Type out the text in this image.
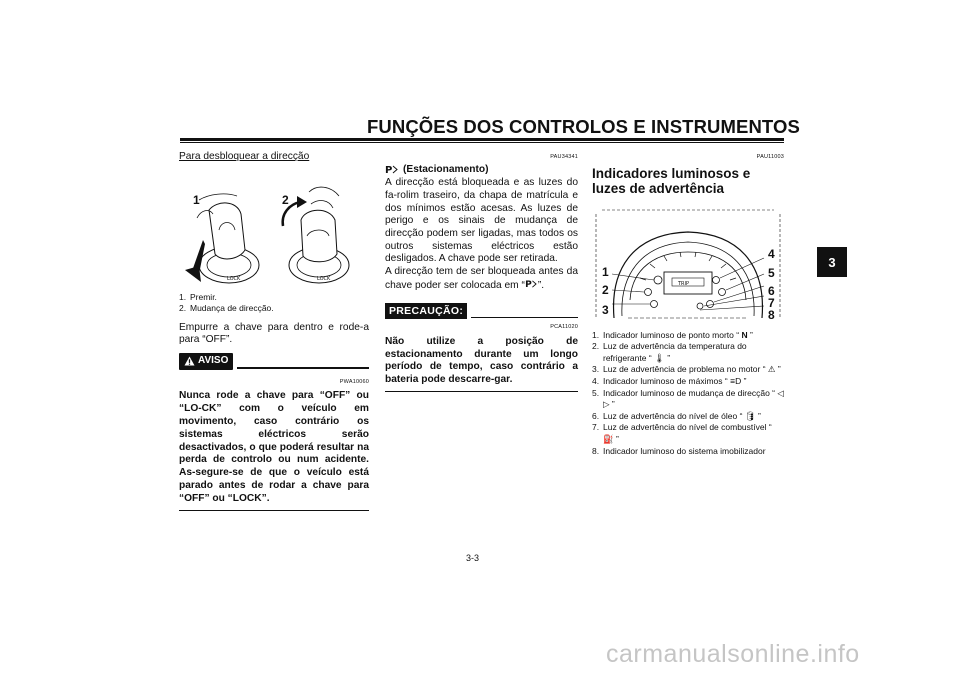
FUNÇÕES DOS CONTROLOS E INSTRUMENTOS
3
Para desbloquear a direcção
1	2
LOCK	LOCK
1. Premir.
2. Mudança de direcção.
Empurre a chave para dentro e rode-a para “OFF”.
AVISO
PWA10060
Nunca rode a chave para “OFF” ou “LO-CK” com o veículo em movimento, caso contrário os sistemas eléctricos serão desactivados, o que poderá resultar na perda de controlo ou num acidente. As-segure-se de que o veículo está parado antes de rodar a chave para “OFF” ou “LOCK”.
PAU34341
P (Estacionamento)
A direcção está bloqueada e as luzes do fa-rolim traseiro, da chapa de matrícula e dos mínimos estão acesas. As luzes de perigo e os sinais de mudança de direcção podem ser ligadas, mas todos os outros sistemas eléctricos estão desligados. A chave pode ser retirada.
A direcção tem de ser bloqueada antes da chave poder ser colocada em “ P ”.
PRECAUÇÃO:
PCA11020
Não utilize a posição de estacionamento durante um longo período de tempo, caso contrário a bateria pode descarre-gar.
PAU11003
Indicadores luminosos e luzes de advertência
TRIP
1
2
3
4
5
6
7
8
1. Indicador luminoso de ponto morto “ N ”
2. Luz de advertência da temperatura do refrigerante “ 🌡 ”
3. Luz de advertência de problema no motor “ ⚠ ”
4. Indicador luminoso de máximos “ ≡D ”
5. Indicador luminoso de mudança de direcção “ ◁ ▷ ”
6. Luz de advertência do nível de óleo “ 🛢 ”
7. Luz de advertência do nível de combustível “ ⛽ ”
8. Indicador luminoso do sistema imobilizador
3-3
carmanualsonline.info
